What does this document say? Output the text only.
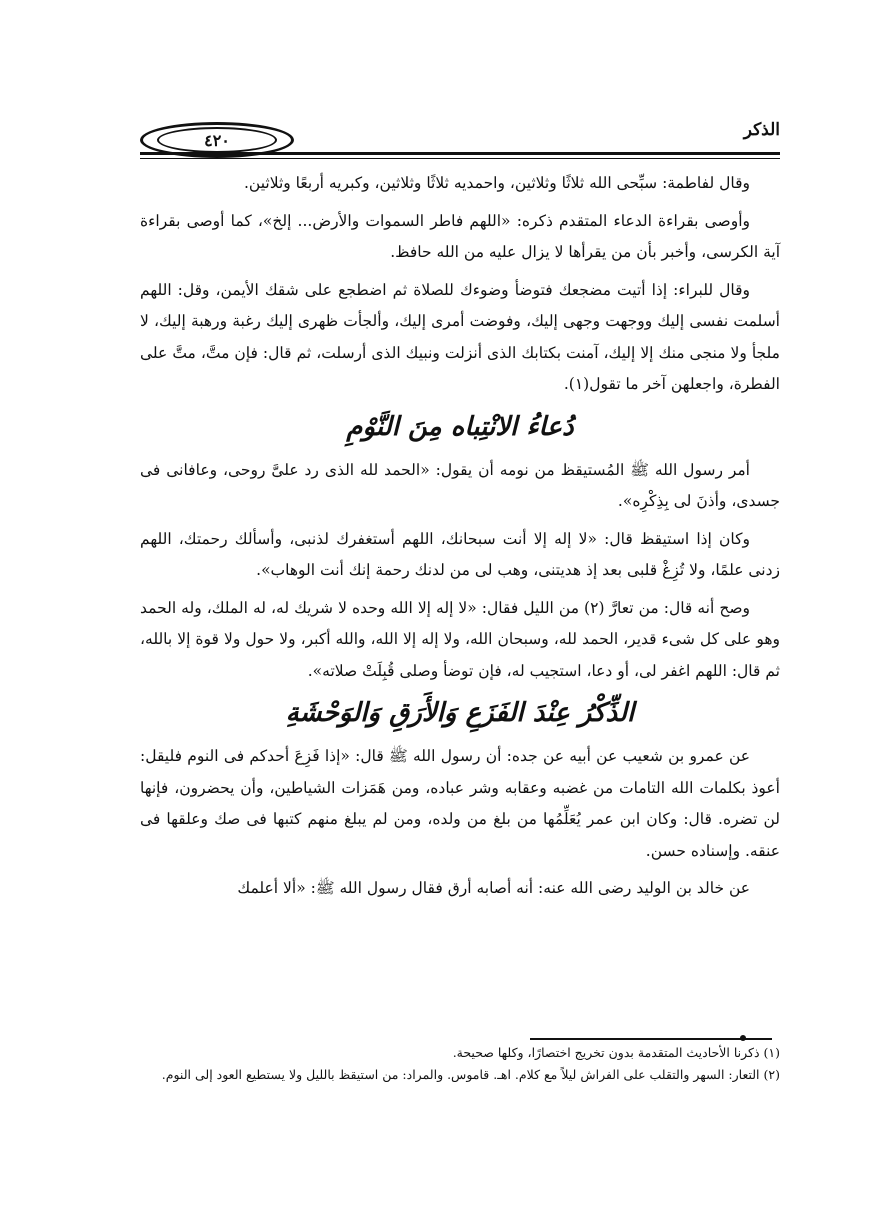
الذكر
٤٢٠

وقال لفاطمة: سبِّحى الله ثلاثًا وثلاثين، واحمديه ثلاثًا وثلاثين، وكبريه أربعًا وثلاثين.

وأوصى بقراءة الدعاء المتقدم ذكره: «اللهم فاطر السموات والأرض... إلخ»، كما أوصى بقراءة آية الكرسى، وأخبر بأن من يقرأها لا يزال عليه من الله حافظ.

وقال للبراء: إذا أتيت مضجعك فتوضأ وضوءك للصلاة ثم اضطجع على شقك الأيمن، وقل: اللهم أسلمت نفسى إليك ووجهت وجهى إليك، وفوضت أمرى إليك، وألجأت ظهرى إليك رغبة ورهبة إليك، لا ملجأ ولا منجى منك إلا إليك، آمنت بكتابك الذى أنزلت ونبيك الذى أرسلت، ثم قال: فإن متَّ، متَّ على الفطرة، واجعلهن آخر ما تقول(١).

دُعاءُ الانْتِباه مِنَ النَّوْمِ

أمر رسول الله ﷺ المُستيقظ من نومه أن يقول: «الحمد لله الذى رد علىَّ روحى، وعافانى فى جسدى، وأذنَ لى بِذِكْرِه».

وكان إذا استيقظ قال: «لا إله إلا أنت سبحانك، اللهم أستغفرك لذنبى، وأسألك رحمتك، اللهم زدنى علمًا، ولا تُزِغْ قلبى بعد إذ هديتنى، وهب لى من لدنك رحمة إنك أنت الوهاب».

وصح أنه قال: من تعارَّ (٢) من الليل فقال: «لا إله إلا الله وحده لا شريك له، له الملك، وله الحمد وهو على كل شىء قدير، الحمد لله، وسبحان الله، ولا إله إلا الله، والله أكبر، ولا حول ولا قوة إلا بالله، ثم قال: اللهم اغفر لى، أو دعا، استجيب له، فإن توضأ وصلى قُبِلَتْ صلاته».

الذِّكْرُ عِنْدَ الفَزَعِ وَالأَرَقِ وَالوَحْشَةِ

عن عمرو بن شعيب عن أبيه عن جده: أن رسول الله ﷺ قال: «إذا فَزِعَ أحدكم فى النوم فليقل: أعوذ بكلمات الله التامات من غضبه وعقابه وشر عباده، ومن هَمَزات الشياطين، وأن يحضرون، فإنها لن تضره. قال: وكان ابن عمر يُعَلِّمُها من بلغ من ولده، ومن لم يبلغ منهم كتبها فى صك وعلقها فى عنقه. وإسناده حسن.

عن خالد بن الوليد رضى الله عنه: أنه أصابه أرق فقال رسول الله ﷺ: «ألا أعلمك

(١) ذكرنا الأحاديث المتقدمة بدون تخريج اختصارًا، وكلها صحيحة.

(٢) التعار: السهر والتقلب على الفراش ليلاً مع كلام. اهـ. قاموس. والمراد: من استيقظ بالليل ولا يستطيع العود إلى النوم.
